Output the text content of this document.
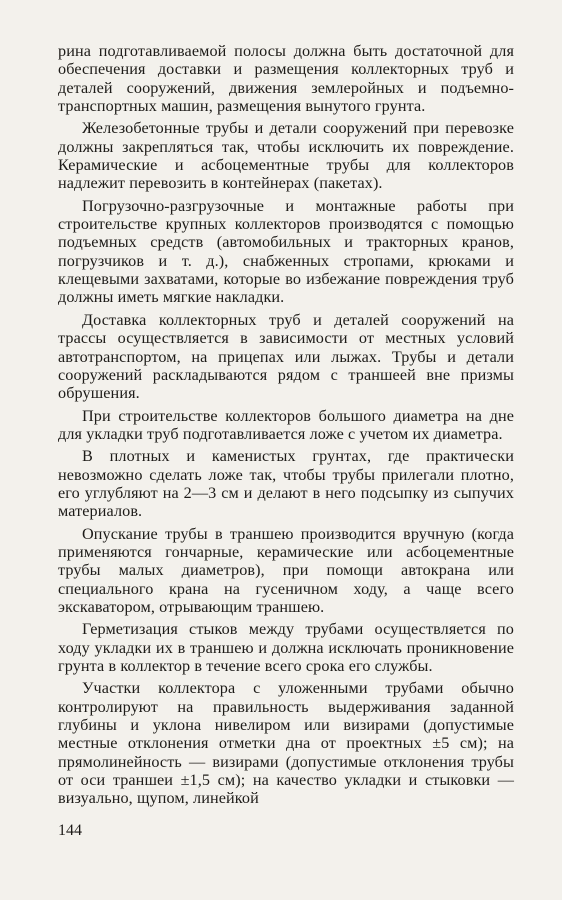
рина подготавливаемой полосы должна быть достаточной для обеспечения доставки и размещения коллекторных труб и деталей сооружений, движения землеройных и подъемно-транспортных машин, размещения вынутого грунта.

Железобетонные трубы и детали сооружений при перевозке должны закрепляться так, чтобы исключить их повреждение. Керамические и асбоцементные трубы для коллекторов надлежит перевозить в контейнерах (пакетах).

Погрузочно-разгрузочные и монтажные работы при строительстве крупных коллекторов производятся с помощью подъемных средств (автомобильных и тракторных кранов, погрузчиков и т. д.), снабженных стропами, крюками и клещевыми захватами, которые во избежание повреждения труб должны иметь мягкие накладки.

Доставка коллекторных труб и деталей сооружений на трассы осуществляется в зависимости от местных условий автотранспортом, на прицепах или лыжах. Трубы и детали сооружений раскладываются рядом с траншеей вне призмы обрушения.

При строительстве коллекторов большого диаметра на дне для укладки труб подготавливается ложе с учетом их диаметра.

В плотных и каменистых грунтах, где практически невозможно сделать ложе так, чтобы трубы прилегали плотно, его углубляют на 2—3 см и делают в него подсыпку из сыпучих материалов.

Опускание трубы в траншею производится вручную (когда применяются гончарные, керамические или асбоцементные трубы малых диаметров), при помощи автокрана или специального крана на гусеничном ходу, а чаще всего экскаватором, отрывающим траншею.

Герметизация стыков между трубами осуществляется по ходу укладки их в траншею и должна исключать проникновение грунта в коллектор в течение всего срока его службы.

Участки коллектора с уложенными трубами обычно контролируют на правильность выдерживания заданной глубины и уклона нивелиром или визирами (допустимые местные отклонения отметки дна от проектных ±5 см); на прямолинейность — визирами (допустимые отклонения трубы от оси траншеи ±1,5 см); на качество укладки и стыковки — визуально, щупом, линейкой

144
